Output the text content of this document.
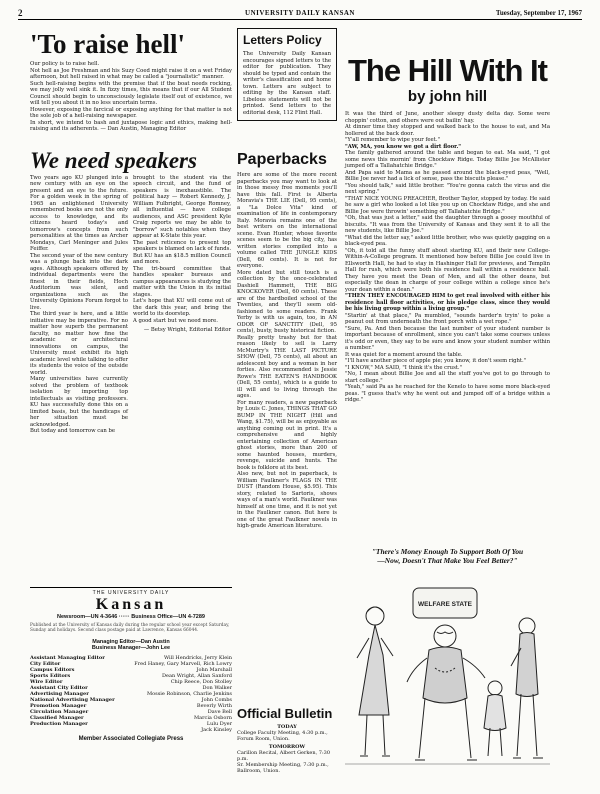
2	UNIVERSITY DAILY KANSAN	Tuesday, September 17, 1967
'To raise hell'

Our policy is to raise hell.

Not hell as Joe Freshman and his Suzy Coed might raise it on a wet Friday afternoon, but hell raised in what may be called a "journalistic" manner.

Such hell-raising begins with the premise that if the boat needs rocking, we may jolly well sink it. In fizzy times, this means that if our All Student Council should begin to unconsciously legislate itself out of existence, we will tell you about it in no less uncertain terms.

However, exposing the farcical or exposing anything for that matter is not the sole job of a hell-raising newspaper.

In short, we intend to bash and juxtapose logic and ethics, making hell-raising and its adherents. — Dan Austin, Managing Editor

We need speakers

Two years ago KU plunged into a new century with an eye on the present and an eye to the future. For a golden week in the spring of 1965 an enlightened University remembered books are not the only access to knowledge, and its citizens heard today's and tomorrow's concepts from such personalities at the times as Archer Mondays, Carl Meninger and Jules Feiffer.

The second year of the new century was a plunge back into the dark ages. Although speakers offered by individual departments were the finest in their fields, Hoch Auditorium was silent, and organizations such as the University Opinions Forum forgot to live.

The third year is here, and a little initiative may be imperative. For no matter how superb the permanent faculty, no matter how fine the academic or architectural innovations on campus, the University must exhibit its high academic level while talking to offer its students the voice of the outside world.

Many universities have currently solved the problem of textbook isolation by importing top intellectuals as visiting professors. KU has successfully done this on a limited basis, but the handicaps of her situation must be acknowledged.

But today and tomorrow can be

brought to the student via the speech circuit, and the fund of speakers is inexhaustible. The political hazy — Robert Kennedy, J. William Fulbright, George Romney, all influential — have college audiences, and ASC president Kyle Craig reports we may be able to "borrow" such notables when they appear at K-State this year.

The past reticence to present top speakers is blamed on lack of funds. But KU has an $18.5 million Council and more.

The tri-board committee that handles speaker bureaus and campus appearances is studying the matter with the Union in its initial stages.

Let's hope that KU will come out of the dark this year, and bring the world to its doorstep.

A good start but we need more.

— Betsy Wright, Editorial Editor

THE UNIVERSITY DAILY
Kansan
Newsroom—UN 4-3646 ······ Business Office—UN 4-7289
Published at the University of Kansas daily during the regular school year except Saturday, Sunday and holidays. Second class postage paid at Lawrence, Kansas 66044.
Managing Editor—Dan Austin
Business Manager—John Lee
Assistant Managing Editor
City Editor
Campus Editors
Sports Editors
Wire Editor
Assistant City Editor
Advertising Manager
National Advertising Manager
Promotion Manager
Circulation Manager
Classified Manager
Production Manager
Will Hendricks, Jerry Klein
Fred Haney, Gary Marvell, Rich Lowry
John Marshall
Dean Wright, Allan Sanford
Chip Reece, Don Stolley
Don Walker
Mossie Robinson, Charlie Jenkins
John Combs
Beverly Wirth
Dave Bell
Marcia Osborn
Lulu Dyer
Jack Kinsley
Member Associated Collegiate Press
Letters Policy

The University Daily Kansan encourages signed letters to the editor for publication. They should be typed and contain the writer's classification and home town. Letters are subject to editing by the Kansan staff. Libelous statements will not be printed. Send letters to the editorial desk, 112 Flint Hall.

Paperbacks

Here are some of the more recent paperbacks you may want to look at in those messy free moments you'll have this fall. First is Alberta Moravia's THE LIE (Dell, 95 cents), a "La Dolce Vita" kind of examination of life in contemporary Italy. Moravia remains one of the best writers on the international scene. Evan Hunter, whose favorite scenes seem to be the big city, has written stories compiled into a volume called THE JUNGLE KIDS (Dell, 60 cents). It is not for everyone.

More dated but still touch is a collection by the once-celebrated Dashiell Hammett, THE BIG KNOCKOVER (Dell, 60 cents). These are of the hardboiled school of the Twenties, and they'll seem old-fashioned to some readers. Frank Yerby is with us again, too, in AN ODOR OF SANCTITY (Dell, 95 cents), busty, busty historical fiction.

Really pretty trashy but for that reason likely to sell is Larry McMurtry's THE LAST PICTURE SHOW (Dell, 75 cents), all about an adolescent boy and a woman in her forties. Also recommended is Jessie Rowe's THE EATEN'S HANDBOOK (Dell, 55 cents), which is a guide to ill will and to living through the ages.

For many readers, a new paperback by Louis C. Jones, THINGS THAT GO BUMP IN THE NIGHT (Hill and Wang, $1.75), will be as enjoyable as anything coming out in print. It's a comprehensive and highly entertaining collection of American ghost stories, more than 200 of some haunted houses, murders, revenge, suicide and hunts. The book is folklore at its best.

Also new, but not in paperback, is William Faulkner's FLAGS IN THE DUST (Random House, $5.95). This story, related to Sartoris, shows ways of a man's world. Faulkner was himself at one time, and it is not yet in the Faulkner canon. But here is one of the great Faulkner novels in high-grade American literature.

Official Bulletin
TODAY
College Faculty Meeting, 4:30 p.m., Forum Room, Union.
TOMORROW
Carillon Recital, Albert Gerken, 7:30 p.m.
Sr. Membership Meeting, 7:30 p.m., Ballroom, Union.
The Hill With It
by john hill

It was the third of June, another sleepy dusty delta day. Some were choppin' cotton, and others were out bailin' hay.

At dinner time they stopped and walked back to the house to eat, and Ma hollered at the back door.

"Y'all remember to wipe your feet."

"AW, MA, you know we got a dirt floor."

The family gathered around the table and began to eat. Ma said, "I got some news this mornin' from Chocktaw Ridge. Today Billie Joe McAllister jumped off a Tallahatchie Bridge."

And Papa said to Mama as he passed around the black-eyed peas, "Well, Billie Joe never had a lick of sense, pass the biscuits please."

"You should talk," said little brother. "You're gonna catch the virus and die next spring."

"THAT NICE YOUNG PREACHER, Brother Taylor, stopped by today. He said he saw a girl who looked a lot like you up on Chocktaw Ridge, and she and Billie Joe were throwin' something off Tallahatchie Bridge."

"Oh, that was just a letter," said the daughter through a gooey mouthful of biscuits. "It was from the University of Kansas and they sent it to all the new students, like Billie Joe."

"What did the letter say," asked little brother, who was quietly gagging on a black-eyed pea.

"Oh, it told all the funny stuff about starting KU, and their new College-Within-A-College program. It mentioned how before Billie Joe could live in Ellsworth Hall, he had to stay in Hashinger Hall for previews, and Templin Hall for rush, which were both his residence hall within a residence hall. They have you meet the Dean of Men, and all the other deans, but especially the dean in charge of your college within a college since he's your dean within a dean."

"THEN THEY ENCOURAGED HIM to get real involved with either his residence hall floor activities, or his pledge class, since they would be his living group within a living group."

"Startin' at that place," Pa mumbled, "sounds harder'n tryin' to poke a peanut out from underneath the front porch with a wet rope."

"Sure, Pa. And then because the last number of your student number is important because of enrollment, since you can't take some courses unless it's odd or even, they say to be sure and know your student number within a number."

It was quiet for a moment around the table.

"I'll have another piece of apple pie; you know, it don't seem right."

"I KNOW," MA SAID, "I think it's the crust."

"No, I mean about Billie Joe and all the stuff you've got to go through to start college."

"Yeah," said Pa as he reached for the Kenelo to have some more black-eyed peas. "I guess that's why he went out and jumped off of a bridge within a ridge."

"There's Money Enough To Support Both Of You

—Now, Doesn't That Make You Feel Better?"

WELFARE STATE
